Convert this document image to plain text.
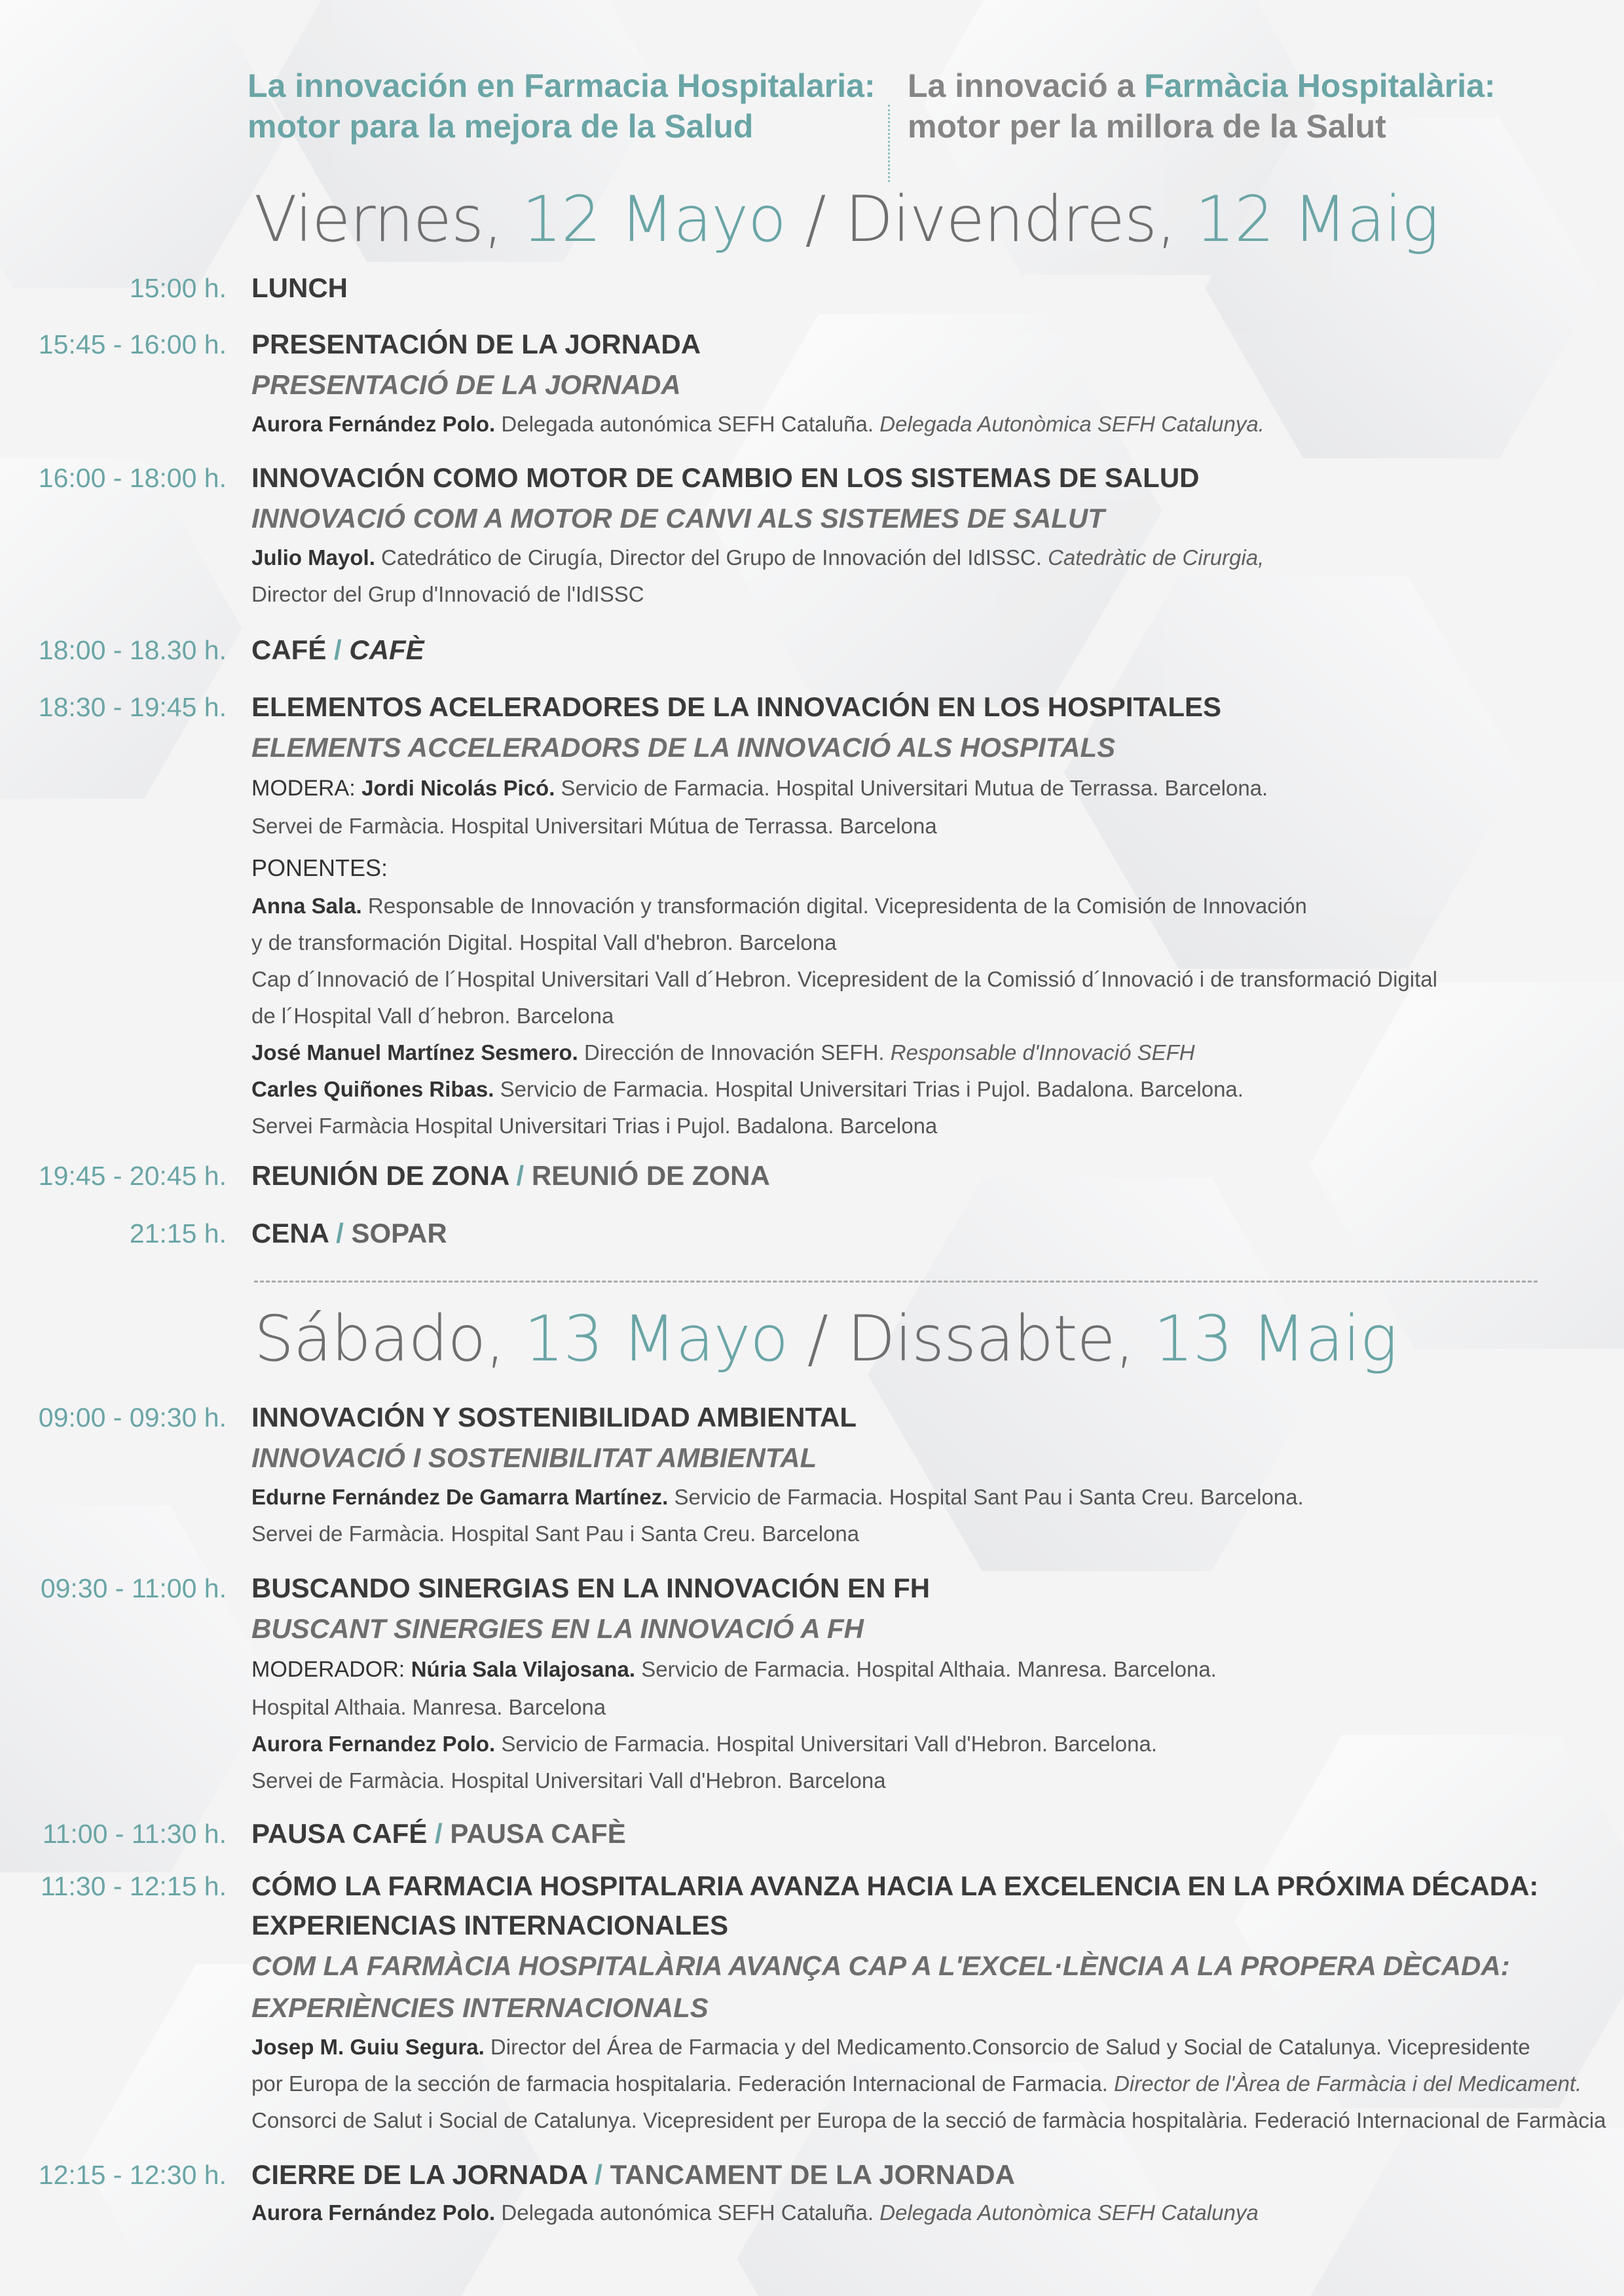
La innovación en Farmacia Hospitalaria:
motor para la mejora de la Salud
La innovació a Farmàcia Hospitalària:
motor per la millora de la Salut
Viernes, 12 Mayo / Divendres, 12 Maig
15:00 h. LUNCH
15:45 - 16:00 h. PRESENTACIÓN DE LA JORNADA
PRESENTACIÓ DE LA JORNADA
Aurora Fernández Polo. Delegada autonómica SEFH Cataluña. Delegada Autonòmica SEFH Catalunya.
16:00 - 18:00 h. INNOVACIÓN COMO MOTOR DE CAMBIO EN LOS SISTEMAS DE SALUD
INNOVACIÓ COM A MOTOR DE CANVI ALS SISTEMES DE SALUT
Julio Mayol. Catedrático de Cirugía, Director del Grupo de Innovación del IdISSC. Catedràtic de Cirurgia,
Director del Grup d'Innovació de l'IdISSC
18:00 - 18.30 h. CAFÉ / CAFÈ
18:30 - 19:45 h. ELEMENTOS ACELERADORES DE LA INNOVACIÓN EN LOS HOSPITALES
ELEMENTS ACCELERADORS DE LA INNOVACIÓ ALS HOSPITALS
MODERA: Jordi Nicolás Picó. Servicio de Farmacia. Hospital Universitari Mutua de Terrassa. Barcelona.
Servei de Farmàcia. Hospital Universitari Mútua de Terrassa. Barcelona
PONENTES:
Anna Sala. Responsable de Innovación y transformación digital. Vicepresidenta de la Comisión de Innovación
y de transformación Digital. Hospital Vall d'hebron. Barcelona
Cap d´Innovació de l´Hospital Universitari Vall d´Hebron. Vicepresident de la Comissió d´Innovació i de transformació Digital
de l´Hospital Vall d´hebron. Barcelona
José Manuel Martínez Sesmero. Dirección de Innovación SEFH. Responsable d'Innovació SEFH
Carles Quiñones Ribas. Servicio de Farmacia. Hospital Universitari Trias i Pujol. Badalona. Barcelona.
Servei Farmàcia Hospital Universitari Trias i Pujol. Badalona. Barcelona
19:45 - 20:45 h. REUNIÓN DE ZONA / REUNIÓ DE ZONA
21:15 h. CENA / SOPAR
Sábado, 13 Mayo / Dissabte, 13 Maig
09:00 - 09:30 h. INNOVACIÓN Y SOSTENIBILIDAD AMBIENTAL
INNOVACIÓ I SOSTENIBILITAT AMBIENTAL
Edurne Fernández De Gamarra Martínez. Servicio de Farmacia. Hospital Sant Pau i Santa Creu. Barcelona.
Servei de Farmàcia. Hospital Sant Pau i Santa Creu. Barcelona
09:30 - 11:00 h. BUSCANDO SINERGIAS EN LA INNOVACIÓN EN FH
BUSCANT SINERGIES EN LA INNOVACIÓ A FH
MODERADOR: Núria Sala Vilajosana. Servicio de Farmacia. Hospital Althaia. Manresa. Barcelona.
Hospital Althaia. Manresa. Barcelona
Aurora Fernandez Polo. Servicio de Farmacia. Hospital Universitari Vall d'Hebron. Barcelona.
Servei de Farmàcia. Hospital Universitari Vall d'Hebron. Barcelona
11:00 - 11:30 h. PAUSA CAFÉ / PAUSA CAFÈ
11:30 - 12:15 h. CÓMO LA FARMACIA HOSPITALARIA AVANZA HACIA LA EXCELENCIA EN LA PRÓXIMA DÉCADA:
EXPERIENCIAS INTERNACIONALES
COM LA FARMÀCIA HOSPITALÀRIA AVANÇA CAP A L'EXCEL·LÈNCIA A LA PROPERA DÈCADA:
EXPERIÈNCIES INTERNACIONALS
Josep M. Guiu Segura. Director del Área de Farmacia y del Medicamento.Consorcio de Salud y Social de Catalunya. Vicepresidente
por Europa de la sección de farmacia hospitalaria. Federación Internacional de Farmacia. Director de l'Àrea de Farmàcia i del Medicament.
Consorci de Salut i Social de Catalunya. Vicepresident per Europa de la secció de farmàcia hospitalària. Federació Internacional de Farmàcia
12:15 - 12:30 h. CIERRE DE LA JORNADA / TANCAMENT DE LA JORNADA
Aurora Fernández Polo. Delegada autonómica SEFH Cataluña. Delegada Autonòmica SEFH Catalunya
